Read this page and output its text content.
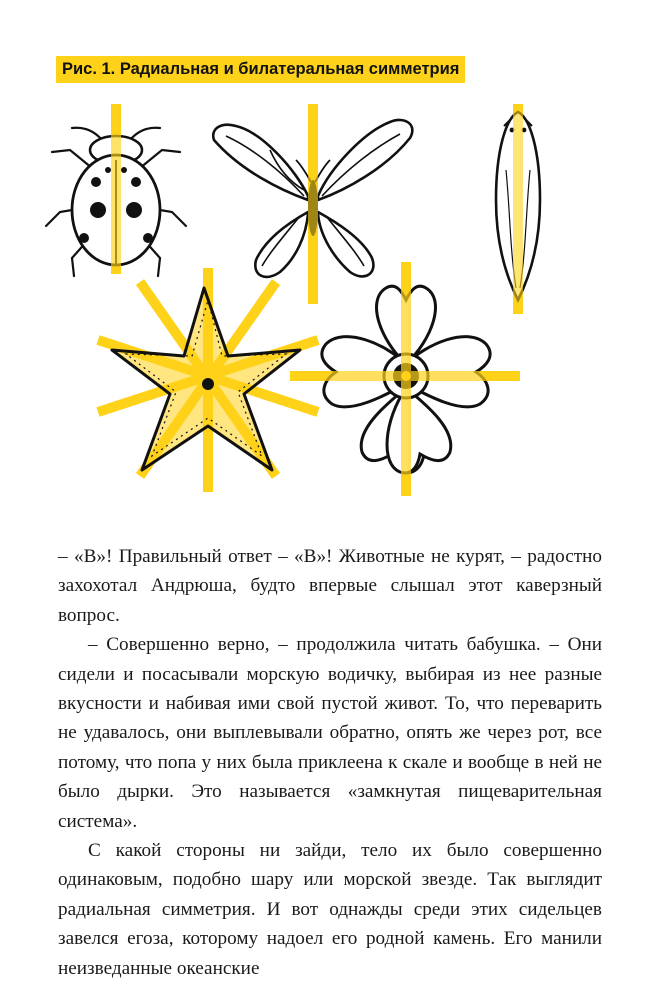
Рис. 1. Радиальная и билатеральная симметрия

– «В»! Правильный ответ – «В»! Животные не курят, – радостно захохотал Андрюша, будто впервые слышал этот каверзный вопрос.

– Совершенно верно, – продолжила читать бабушка. – Они сидели и посасывали морскую водичку, выбирая из нее разные вкусности и набивая ими свой пустой живот. То, что переварить не удавалось, они выплевывали обратно, опять же через рот, все потому, что попа у них была приклеена к скале и вообще в ней не было дырки. Это называется «замкнутая пищеварительная система».

С какой стороны ни зайди, тело их было совершенно одинаковым, подобно шару или морской звезде. Так выглядит радиальная симметрия. И вот однажды среди этих сидельцев завелся егоза, которому надоел его родной камень. Его манили неизведанные океанские
